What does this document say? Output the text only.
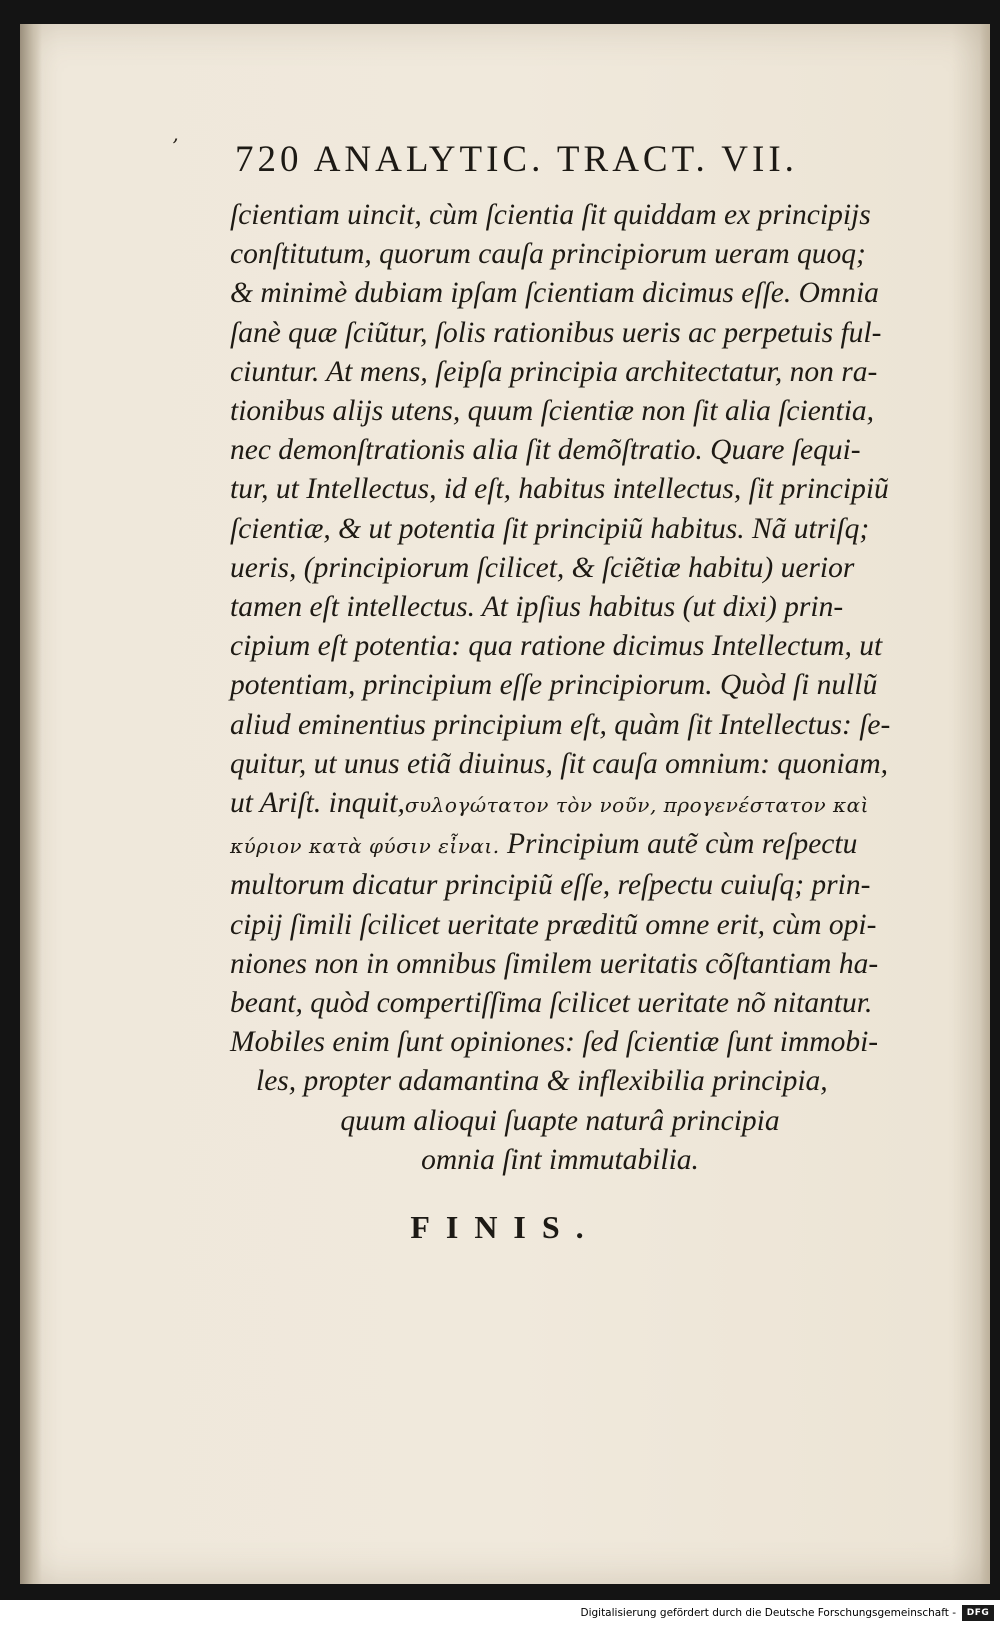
’ 720 ANALYTIC. TRACT. VII.
ſcientiam uincit, cùm ſcientia ſit quiddam ex principijs
conſtitutum, quorum cauſa principiorum ueram quoq;
& minimè dubiam ipſam ſcientiam dicimus eſſe. Omnia
ſanè quæ ſciũtur, ſolis rationibus ueris ac perpetuis ful-
ciuntur. At mens, ſeipſa principia architectatur, non ra-
tionibus alijs utens, quum ſcientiæ non ſit alia ſcientia,
nec demonſtrationis alia ſit demõſtratio. Quare ſequi-
tur, ut Intellectus, id eſt, habitus intellectus, ſit principiũ
ſcientiæ, & ut potentia ſit principiũ habitus. Nã utriſq;
ueris, (principiorum ſcilicet, & ſciẽtiæ habitu) uerior
tamen eſt intellectus. At ipſius habitus (ut dixi) prin-
cipium eſt potentia: qua ratione dicimus Intellectum, ut
potentiam, principium eſſe principiorum. Quòd ſi nullũ
aliud eminentius principium eſt, quàm ſit Intellectus: ſe-
quitur, ut unus etiã diuinus, ſit cauſa omnium: quoniam,
ut Ariſt. inquit,συλογώτατον τὸν νοῦν, προγενέστατον καὶ
κύριον κατὰ φύσιν εἶναι. Principium autẽ cùm reſpectu
multorum dicatur principiũ eſſe, reſpectu cuiuſq; prin-
cipij ſimili ſcilicet ueritate præditũ omne erit, cùm opi-
niones non in omnibus ſimilem ueritatis cõſtantiam ha-
beant, quòd compertiſſima ſcilicet ueritate nõ nitantur.
Mobiles enim ſunt opiniones: ſed ſcientiæ ſunt immobi-
les, propter adamantina & inflexibilia principia,
quum alioqui ſuapte naturâ principia
omnia ſint immutabilia.
FINIS.
Digitalisierung gefördert durch die Deutsche Forschungsgemeinschaft -	DFG
